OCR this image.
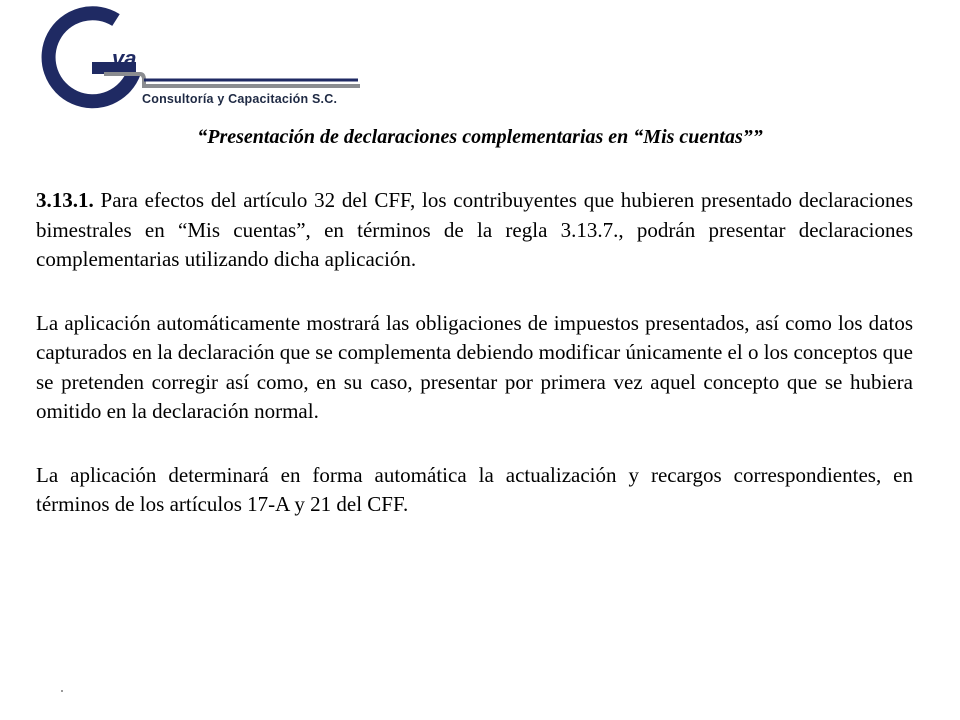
va
Consultoría y Capacitación S.C.
“Presentación de declaraciones complementarias en “Mis cuentas””

3.13.1. Para efectos del artículo 32 del CFF, los contribuyentes que hubieren presentado declaraciones bimestrales en “Mis cuentas”, en términos de la regla 3.13.7., podrán presentar declaraciones complementarias utilizando dicha aplicación.

La aplicación automáticamente mostrará las obligaciones de impuestos presentados, así como los datos capturados en la declaración que se complementa debiendo modificar únicamente el o los conceptos que se pretenden corregir así como, en su caso, presentar por primera vez aquel concepto que se hubiera omitido en la declaración normal.

La aplicación determinará en forma automática la actualización y recargos correspondientes, en términos de los artículos 17-A y 21 del CFF.
